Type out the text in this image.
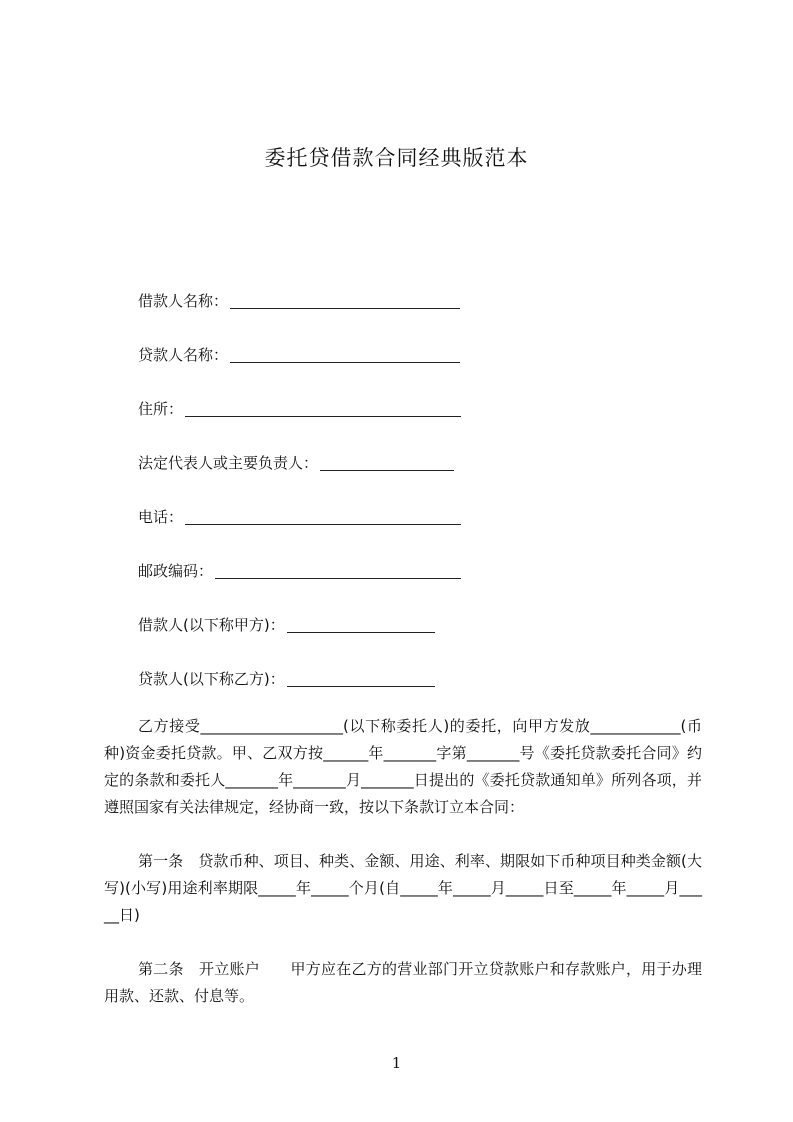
委托贷借款合同经典版范本
借款人名称：
贷款人名称：
住所：
法定代表人或主要负责人：
电话：
邮政编码：
借款人(以下称甲方)：
贷款人(以下称乙方)：
乙方接受___________________(以下称委托人)的委托，向甲方发放____________(币种)资金委托贷款。甲、乙双方按______年_______字第_______号《委托贷款委托合同》约定的条款和委托人_______年_______月_______日提出的《委托贷款通知单》所列各项，并遵照国家有关法律规定，经协商一致，按以下条款订立本合同：
第一条　贷款币种、项目、种类、金额、用途、利率、期限如下币种项目种类金额(大写)(小写)用途利率期限_____年_____个月(自_____年_____月_____日至_____年_____月_____日)
第二条　开立账户　　甲方应在乙方的营业部门开立贷款账户和存款账户，用于办理用款、还款、付息等。
1
